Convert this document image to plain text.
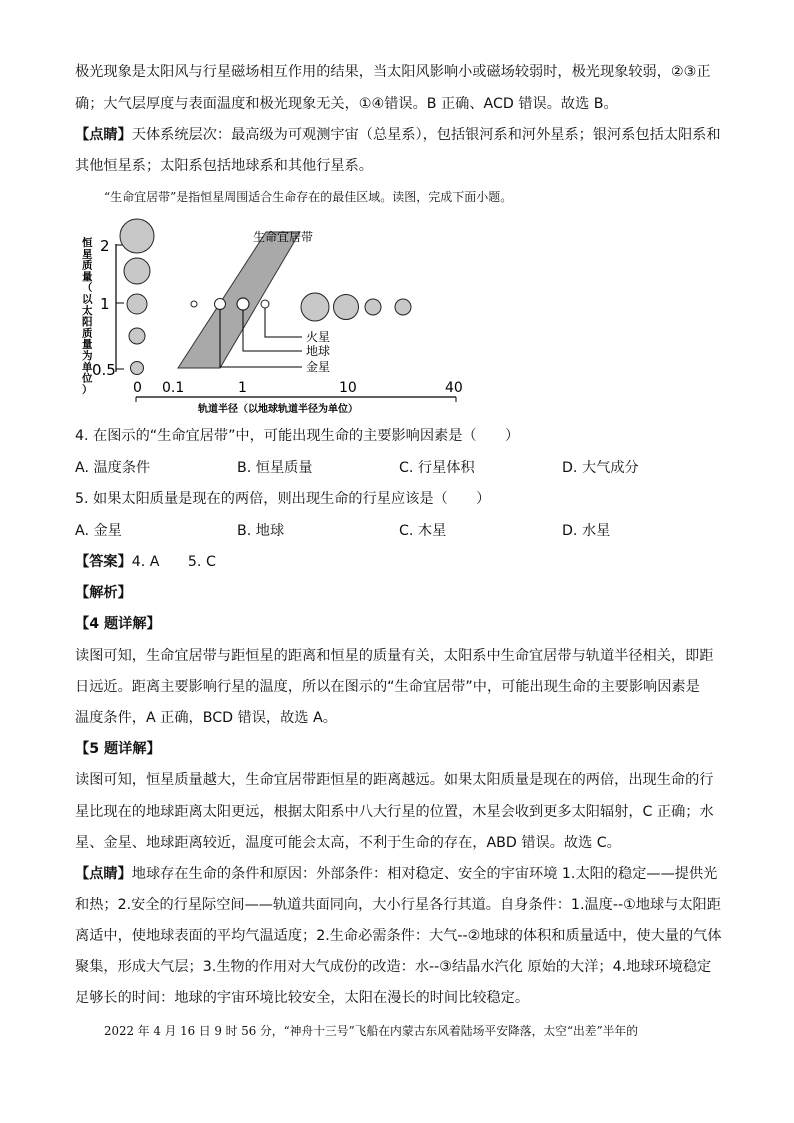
极光现象是太阳风与行星磁场相互作用的结果，当太阳风影响小或磁场较弱时，极光现象较弱，②③正
确；大气层厚度与表面温度和极光现象无关，①④错误。B 正确、ACD 错误。故选 B。
【点睛】天体系统层次：最高级为可观测宇宙（总星系），包括银河系和河外星系；银河系包括太阳系和
其他恒星系；太阳系包括地球系和其他行星系。
“生命宜居带”是指恒星周围适合生命存在的最佳区域。读图，完成下面小题。
恒星质量（以太阳质量为单位）
2
1
0.5
生命宜居带
火星
地球
金星
0 0.1	1	10	40
轨道半径（以地球轨道半径为单位）
4. 在图示的“生命宜居带”中，可能出现生命的主要影响因素是（　　）
A. 温度条件	B. 恒星质量	C. 行星体积	D. 大气成分
5. 如果太阳质量是现在的两倍，则出现生命的行星应该是（　　）
A. 金星	B. 地球	C. 木星	D. 水星
【答案】4. A　　5. C
【解析】
【4 题详解】
读图可知，生命宜居带与距恒星的距离和恒星的质量有关，太阳系中生命宜居带与轨道半径相关，即距
日远近。距离主要影响行星的温度，所以在图示的“生命宜居带”中，可能出现生命的主要影响因素是
温度条件，A 正确，BCD 错误，故选 A。
【5 题详解】
读图可知，恒星质量越大，生命宜居带距恒星的距离越远。如果太阳质量是现在的两倍，出现生命的行
星比现在的地球距离太阳更远，根据太阳系中八大行星的位置，木星会收到更多太阳辐射，C 正确；水
星、金星、地球距离较近，温度可能会太高，不利于生命的存在，ABD 错误。故选 C。
【点睛】地球存在生命的条件和原因：外部条件：相对稳定、安全的宇宙环境 1.太阳的稳定——提供光
和热；2.安全的行星际空间——轨道共面同向，大小行星各行其道。自身条件：1.温度--①地球与太阳距
离适中，使地球表面的平均气温适度；2.生命必需条件：大气--②地球的体积和质量适中，使大量的气体
聚集，形成大气层；3.生物的作用对大气成份的改造：水--③结晶水汽化 原始的大洋；4.地球环境稳定
足够长的时间：地球的宇宙环境比较安全，太阳在漫长的时间比较稳定。
2022 年 4 月 16 日 9 时 56 分，“神舟十三号”飞船在内蒙古东风着陆场平安降落，太空“出差”半年的
